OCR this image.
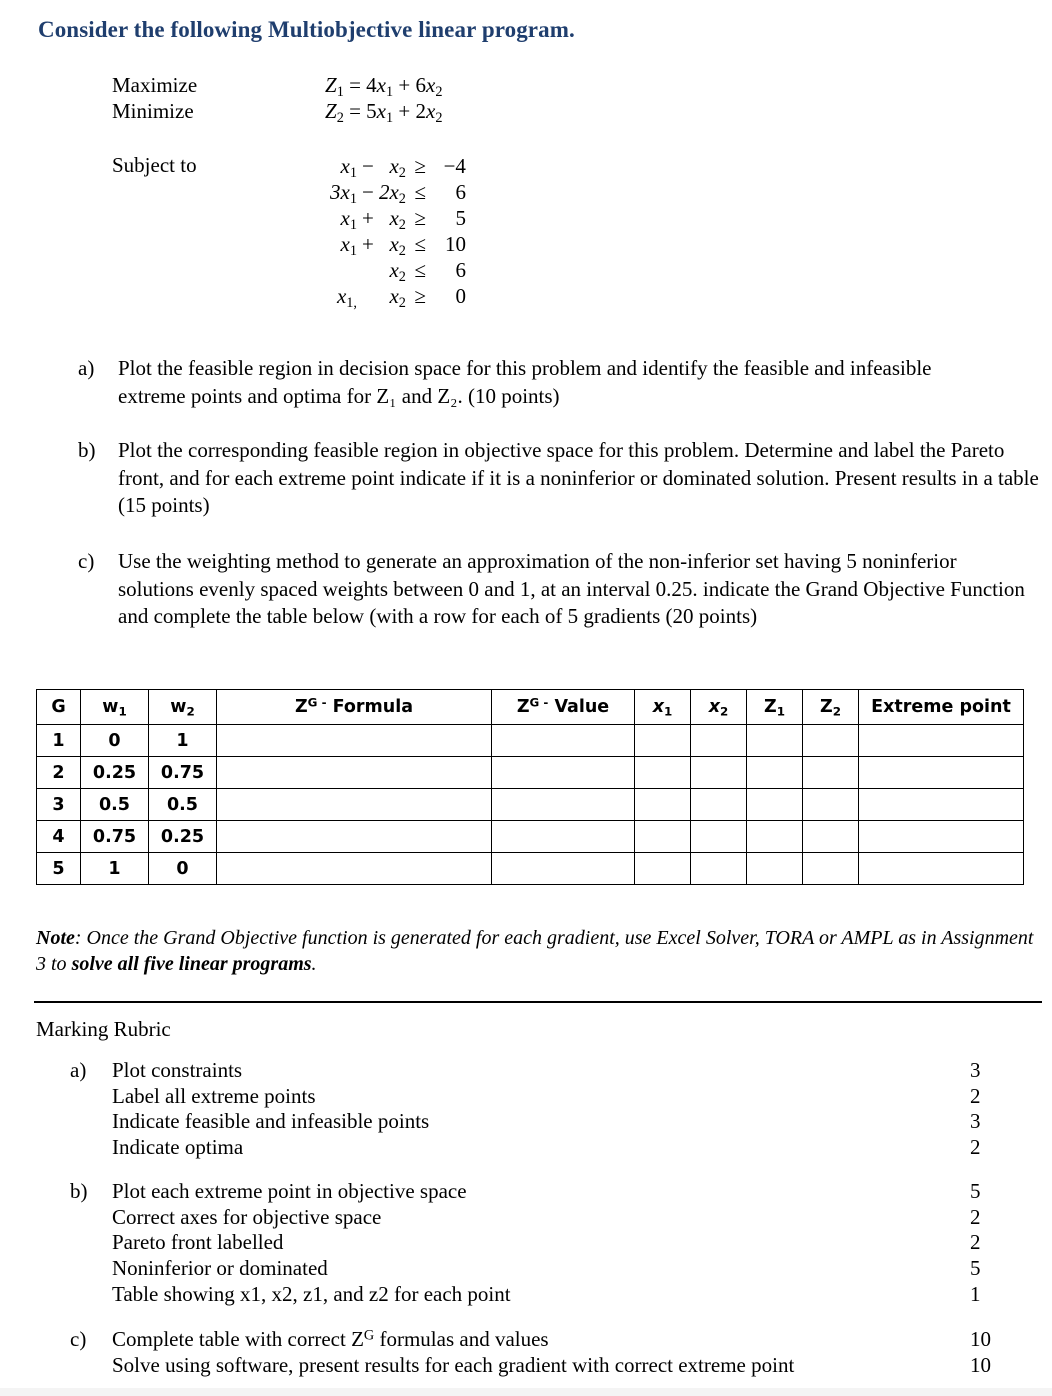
Consider the following Multiobjective linear program.
Maximize	$Z_1 = 4x_1 + 6x_2$
Minimize	$Z_2 = 5x_1 + 2x_2$
Subject to	$x_1$	−	$x_2$	≥	−4
$3x_1$	−	$2x_2$	≤	6
$x_1$	+	$x_2$	≥	5
$x_1$	+	$x_2$	≤	10
		$x_2$	≤	6
$x_{1,}$		$x_2$	≥	0
a)	Plot the feasible region in decision space for this problem and identify the feasible and infeasible extreme points and optima for Z₁ and Z₂. (10 points)
b)	Plot the corresponding feasible region in objective space for this problem. Determine and label the Pareto front, and for each extreme point indicate if it is a noninferior or dominated solution. Present results in a table (15 points)
c)	Use the weighting method to generate an approximation of the non-inferior set having 5 noninferior solutions evenly spaced weights between 0 and 1, at an interval 0.25. indicate the Grand Objective Function and complete the table below (with a row for each of 5 gradients (20 points)
G	$w_1$	$w_2$	$Z^{G -}$ Formula	$Z^{G -}$ Value	$x_1$	$x_2$	$Z_1$	$Z_2$	Extreme point
1	0	1							
2	0.25	0.75							
3	0.5	0.5							
4	0.75	0.25							
5	1	0							
Note: Once the Grand Objective function is generated for each gradient, use Excel Solver, TORA or AMPL as in Assignment 3 to solve all five linear programs.
Marking Rubric
a)	Plot constraints	3
Label all extreme points	2
Indicate feasible and infeasible points	3
Indicate optima	2
b)	Plot each extreme point in objective space	5
Correct axes for objective space	2
Pareto front labelled	2
Noninferior or dominated	5
Table showing x1, x2, z1, and z2 for each point	1
c)	Complete table with correct $Z^G$ formulas and values	10
Solve using software, present results for each gradient with correct extreme point	10
